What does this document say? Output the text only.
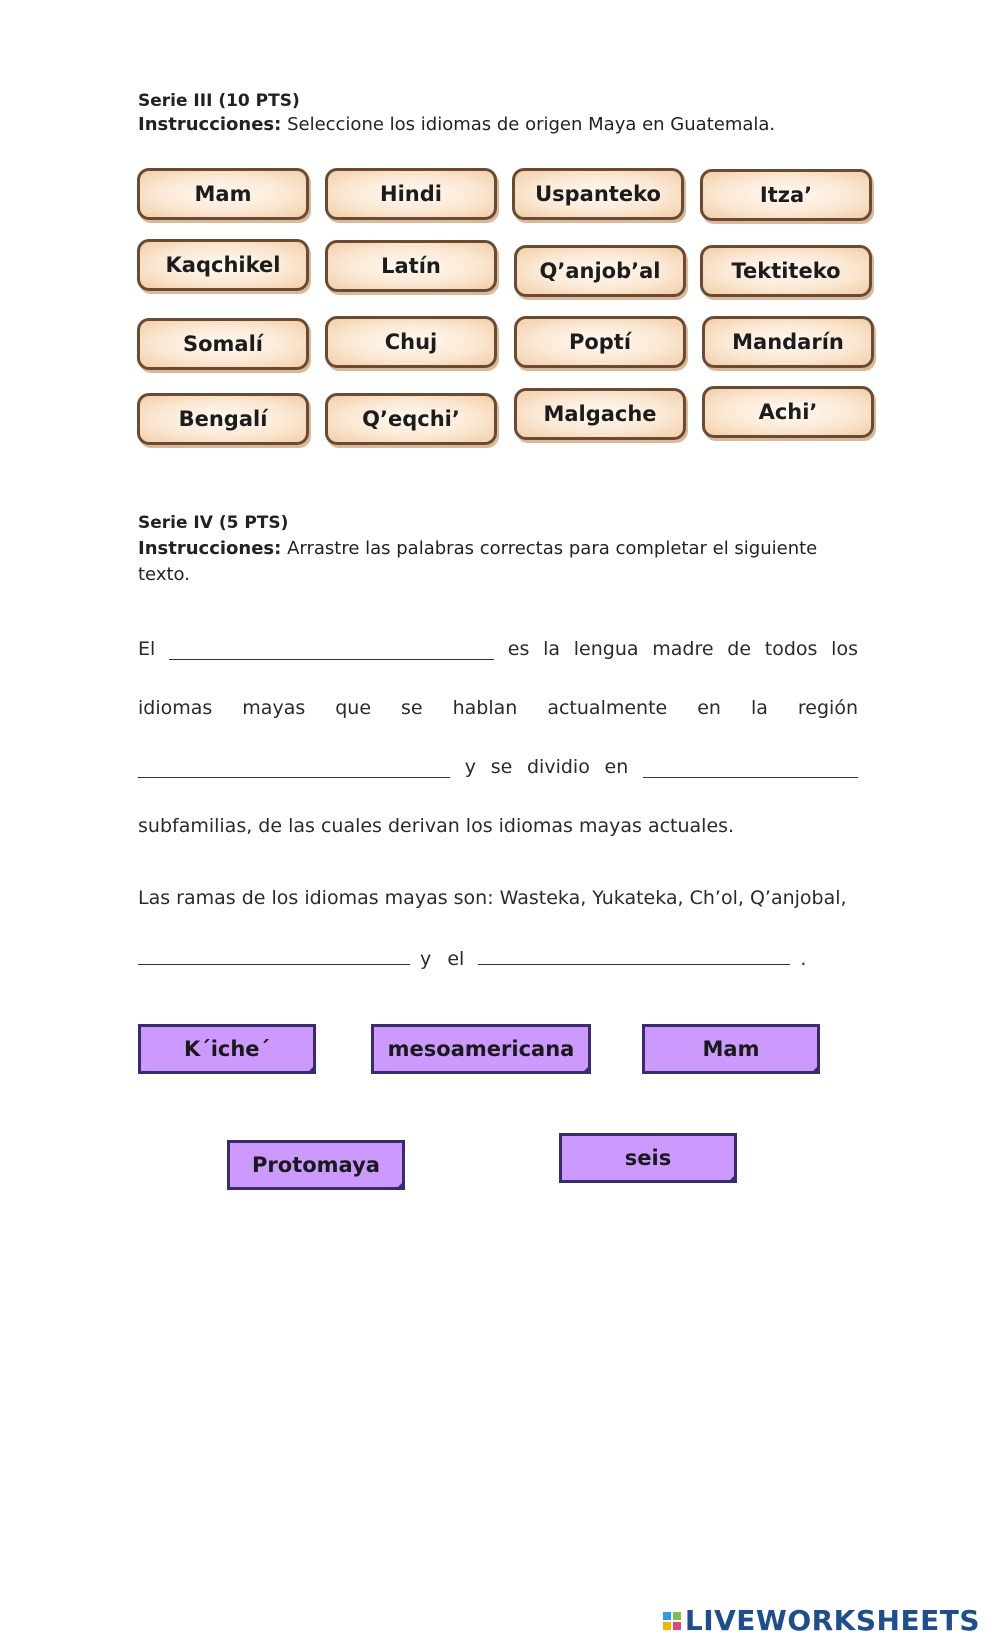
Serie III (10 PTS)
Instrucciones: Seleccione los idiomas de origen Maya en Guatemala.
Mam	Hindi	Uspanteko	Itza’
Kaqchikel	Latín	Q’anjob’al	Tektiteko
Somalí	Chuj	Poptí	Mandarín
Bengalí	Q’eqchi’	Malgache	Achi’
Serie IV (5 PTS)
Instrucciones: Arrastre las palabras correctas para completar el siguiente texto.
El	es la lengua madre de todos los
idiomas mayas que se hablan actualmente en la región
y se dividio en
subfamilias, de las cuales derivan los idiomas mayas actuales.
Las ramas de los idiomas mayas son: Wasteka, Yukateka, Ch’ol, Q’anjobal,
y el	.
K´iche´	mesoamericana	Mam
Protomaya	seis
LIVEWORKSHEETS
